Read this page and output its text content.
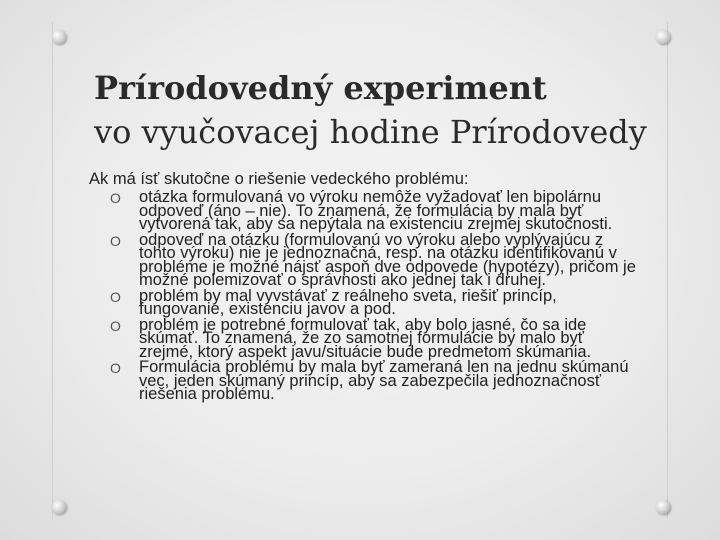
Prírodovedný experiment
vo vyučovacej hodine Prírodovedy

Ak má ísť skutočne o riešenie vedeckého problému:

O otázka formulovaná vo výroku nemôže vyžadovať len bipolárnu odpoveď (áno – nie). To znamená, že formulácia by mala byť vytvorená tak, aby sa nepýtala na existenciu zrejmej skutočnosti.
O odpoveď na otázku (formulovanú vo výroku alebo vyplývajúcu z tohto výroku) nie je jednoznačná, resp. na otázku identifikovanú v probléme je možné nájsť aspoň dve odpovede (hypotézy), pričom je možné polemizovať o správnosti ako jednej tak i druhej.
O problém by mal vyvstávať z reálneho sveta, riešiť princíp, fungovanie, existenciu javov a pod.
O problém je potrebné formulovať tak, aby bolo jasné, čo sa ide skúmať. To znamená, že zo samotnej formulácie by malo byť zrejmé, ktorý aspekt javu/situácie bude predmetom skúmania.
O Formulácia problému by mala byť zameraná len na jednu skúmanú vec, jeden skúmaný princíp, aby sa zabezpečila jednoznačnosť riešenia problému.
